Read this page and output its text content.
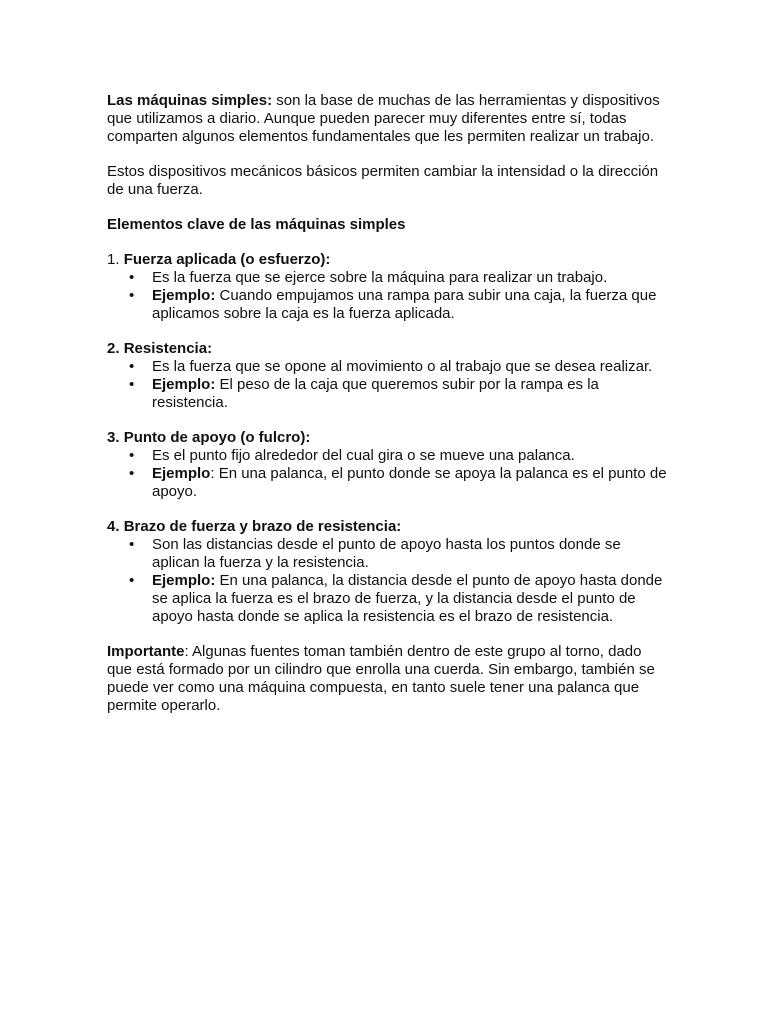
Las máquinas simples: son la base de muchas de las herramientas y dispositivos que utilizamos a diario. Aunque pueden parecer muy diferentes entre sí, todas comparten algunos elementos fundamentales que les permiten realizar un trabajo.

Estos dispositivos mecánicos básicos permiten cambiar la intensidad o la dirección de una fuerza.

Elementos clave de las máquinas simples

1. Fuerza aplicada (o esfuerzo):

• Es la fuerza que se ejerce sobre la máquina para realizar un trabajo.
• Ejemplo: Cuando empujamos una rampa para subir una caja, la fuerza que aplicamos sobre la caja es la fuerza aplicada.

2. Resistencia:

• Es la fuerza que se opone al movimiento o al trabajo que se desea realizar.
• Ejemplo: El peso de la caja que queremos subir por la rampa es la resistencia.

3. Punto de apoyo (o fulcro):

• Es el punto fijo alrededor del cual gira o se mueve una palanca.
• Ejemplo: En una palanca, el punto donde se apoya la palanca es el punto de apoyo.

4. Brazo de fuerza y brazo de resistencia:

• Son las distancias desde el punto de apoyo hasta los puntos donde se aplican la fuerza y la resistencia.
• Ejemplo: En una palanca, la distancia desde el punto de apoyo hasta donde se aplica la fuerza es el brazo de fuerza, y la distancia desde el punto de apoyo hasta donde se aplica la resistencia es el brazo de resistencia.

Importante: Algunas fuentes toman también dentro de este grupo al torno, dado que está formado por un cilindro que enrolla una cuerda. Sin embargo, también se puede ver como una máquina compuesta, en tanto suele tener una palanca que permite operarlo.
